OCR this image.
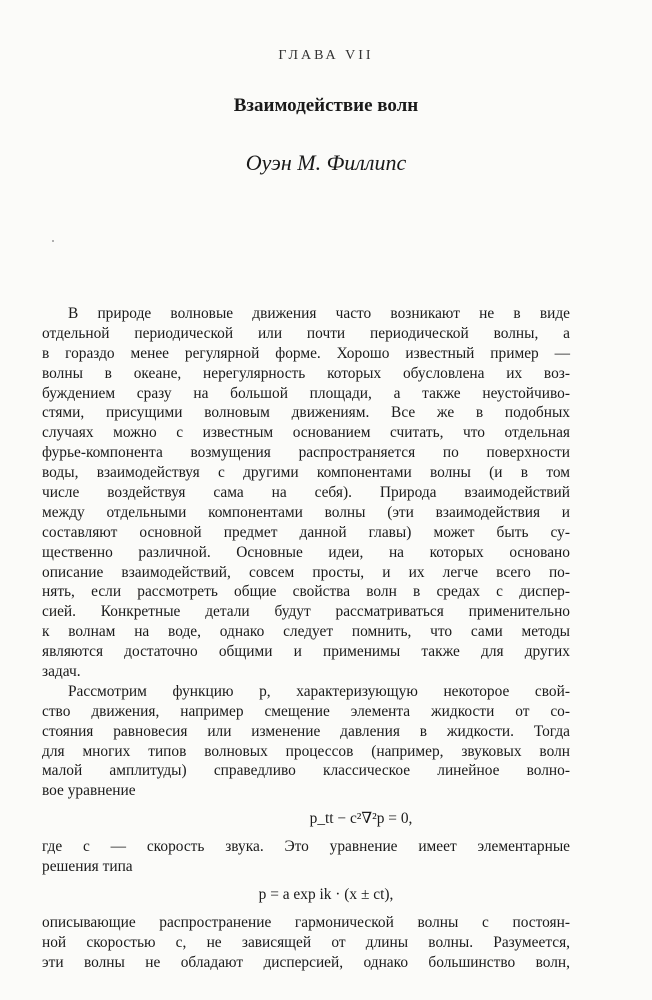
ГЛАВА VII
Взаимодействие волн
Оуэн М. Филлипс
В природе волновые движения часто возникают не в виде
отдельной периодической или почти периодической волны, а
в гораздо менее регулярной форме. Хорошо известный пример —
волны в океане, нерегулярность которых обусловлена их воз-
буждением сразу на большой площади, а также неустойчиво-
стями, присущими волновым движениям. Все же в подобных
случаях можно с известным основанием считать, что отдельная
фурье-компонента возмущения распространяется по поверхности
воды, взаимодействуя с другими компонентами волны (и в том
числе воздействуя сама на себя). Природа взаимодействий
между отдельными компонентами волны (эти взаимодействия и
составляют основной предмет данной главы) может быть су-
щественно различной. Основные идеи, на которых основано
описание взаимодействий, совсем просты, и их легче всего по-
нять, если рассмотреть общие свойства волн в средах с диспер-
сией. Конкретные детали будут рассматриваться применительно
к волнам на воде, однако следует помнить, что сами методы
являются достаточно общими и применимы также для других
задач.
Рассмотрим функцию p, характеризующую некоторое свой-
ство движения, например смещение элемента жидкости от со-
стояния равновесия или изменение давления в жидкости. Тогда
для многих типов волновых процессов (например, звуковых волн
малой амплитуды) справедливо классическое линейное волно-
вое уравнение
p_tt − c²∇²p = 0,
где c — скорость звука. Это уравнение имеет элементарные
решения типа
p = a exp ik · (x ± ct),
описывающие распространение гармонической волны с постоян-
ной скоростью c, не зависящей от длины волны. Разумеется,
эти волны не обладают дисперсией, однако большинство волн,
